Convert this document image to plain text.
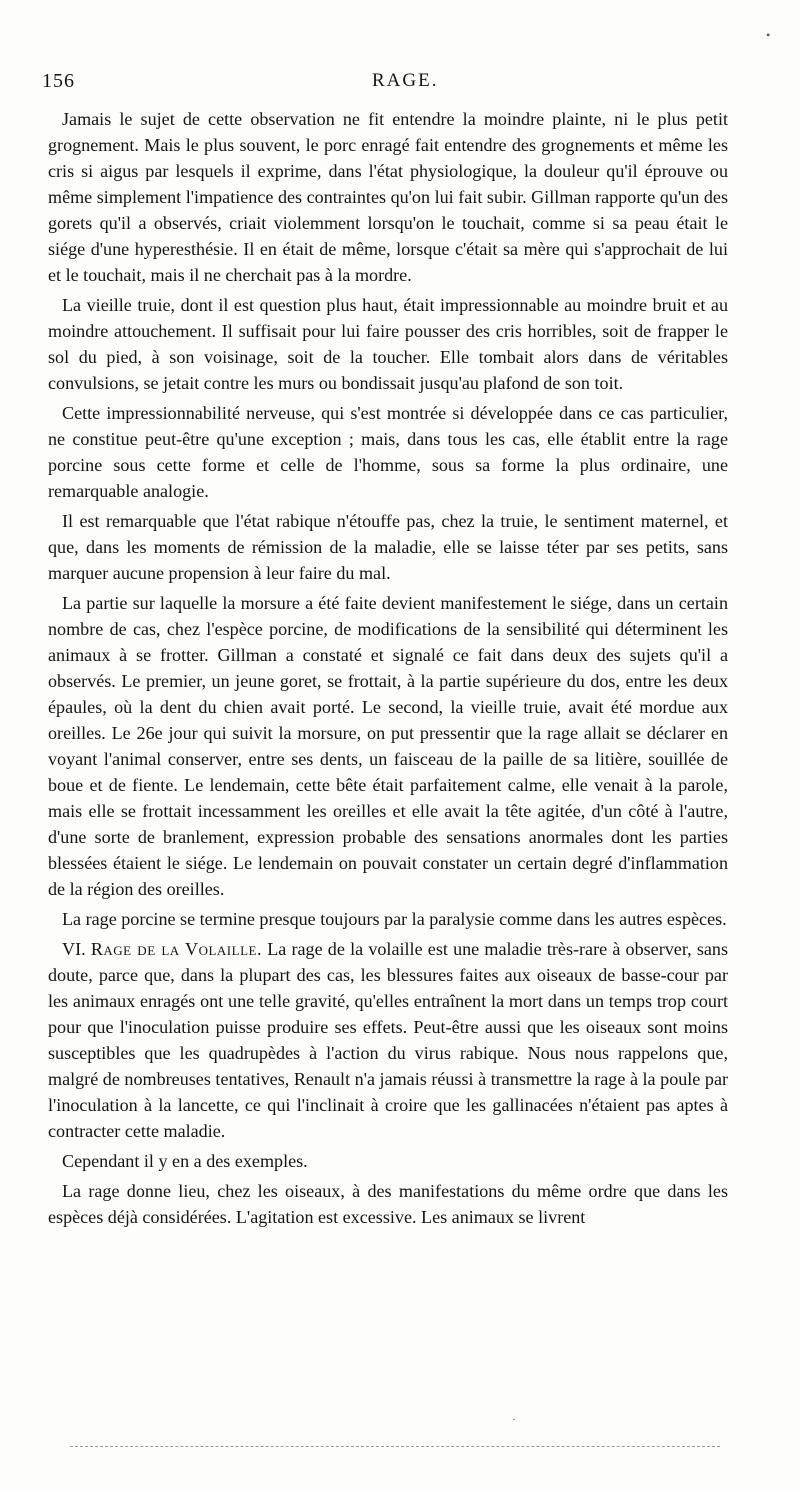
156	RAGE.

Jamais le sujet de cette observation ne fit entendre la moindre plainte, ni le plus petit grognement. Mais le plus souvent, le porc enragé fait entendre des grognements et même les cris si aigus par lesquels il exprime, dans l'état physiologique, la douleur qu'il éprouve ou même simplement l'impatience des contraintes qu'on lui fait subir. Gillman rapporte qu'un des gorets qu'il a observés, criait violemment lorsqu'on le touchait, comme si sa peau était le siége d'une hyperesthésie. Il en était de même, lorsque c'était sa mère qui s'approchait de lui et le touchait, mais il ne cherchait pas à la mordre.

La vieille truie, dont il est question plus haut, était impressionnable au moindre bruit et au moindre attouchement. Il suffisait pour lui faire pousser des cris horribles, soit de frapper le sol du pied, à son voisinage, soit de la toucher. Elle tombait alors dans de véritables convulsions, se jetait contre les murs ou bondissait jusqu'au plafond de son toit.

Cette impressionnabilité nerveuse, qui s'est montrée si développée dans ce cas particulier, ne constitue peut-être qu'une exception ; mais, dans tous les cas, elle établit entre la rage porcine sous cette forme et celle de l'homme, sous sa forme la plus ordinaire, une remarquable analogie.

Il est remarquable que l'état rabique n'étouffe pas, chez la truie, le sentiment maternel, et que, dans les moments de rémission de la maladie, elle se laisse téter par ses petits, sans marquer aucune propension à leur faire du mal.

La partie sur laquelle la morsure a été faite devient manifestement le siége, dans un certain nombre de cas, chez l'espèce porcine, de modifications de la sensibilité qui déterminent les animaux à se frotter. Gillman a constaté et signalé ce fait dans deux des sujets qu'il a observés. Le premier, un jeune goret, se frottait, à la partie supérieure du dos, entre les deux épaules, où la dent du chien avait porté. Le second, la vieille truie, avait été mordue aux oreilles. Le 26e jour qui suivit la morsure, on put pressentir que la rage allait se déclarer en voyant l'animal conserver, entre ses dents, un faisceau de la paille de sa litière, souillée de boue et de fiente. Le lendemain, cette bête était parfaitement calme, elle venait à la parole, mais elle se frottait incessamment les oreilles et elle avait la tête agitée, d'un côté à l'autre, d'une sorte de branlement, expression probable des sensations anormales dont les parties blessées étaient le siége. Le lendemain on pouvait constater un certain degré d'inflammation de la région des oreilles.

La rage porcine se termine presque toujours par la paralysie comme dans les autres espèces.

VI. Rage de la Volaille. La rage de la volaille est une maladie très-rare à observer, sans doute, parce que, dans la plupart des cas, les blessures faites aux oiseaux de basse-cour par les animaux enragés ont une telle gravité, qu'elles entraînent la mort dans un temps trop court pour que l'inoculation puisse produire ses effets. Peut-être aussi que les oiseaux sont moins susceptibles que les quadrupèdes à l'action du virus rabique. Nous nous rappelons que, malgré de nombreuses tentatives, Renault n'a jamais réussi à transmettre la rage à la poule par l'inoculation à la lancette, ce qui l'inclinait à croire que les gallinacées n'étaient pas aptes à contracter cette maladie.

Cependant il y en a des exemples.

La rage donne lieu, chez les oiseaux, à des manifestations du même ordre que dans les espèces déjà considérées. L'agitation est excessive. Les animaux se livrent

•
·
